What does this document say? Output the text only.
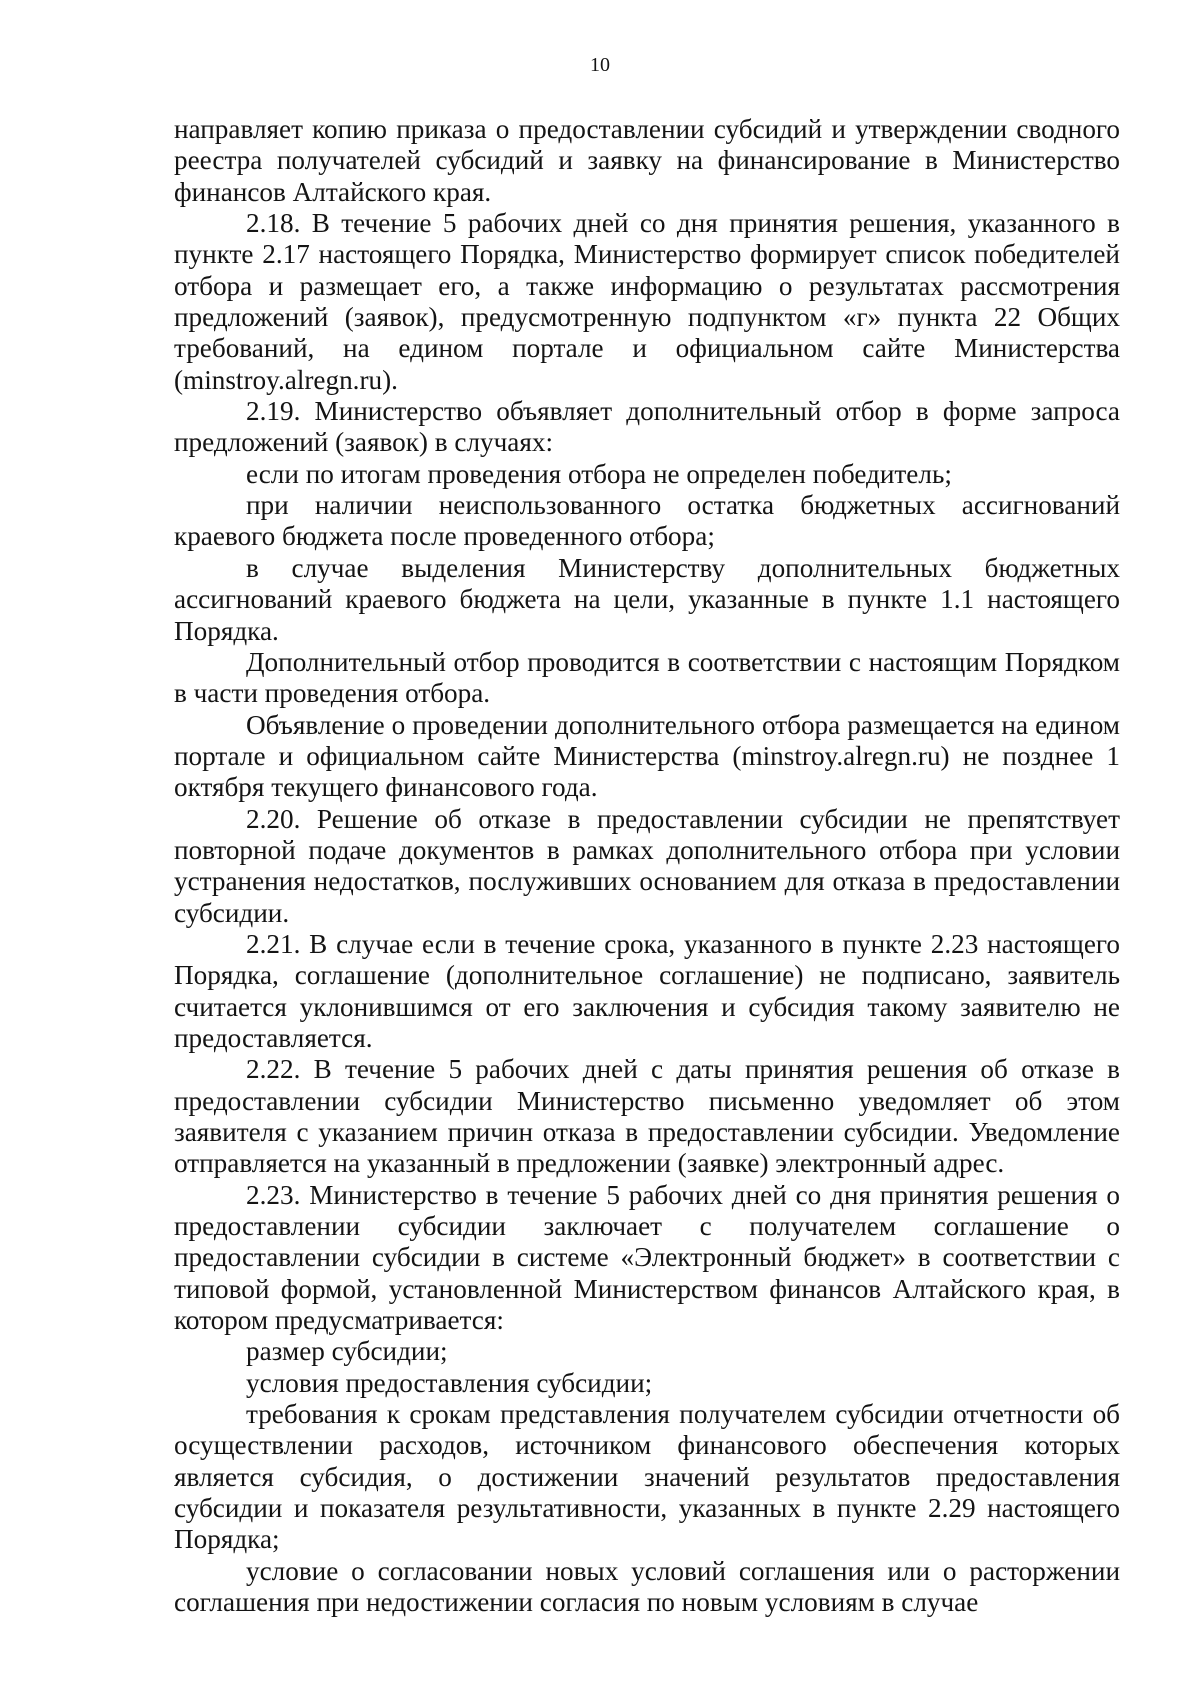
10

направляет копию приказа о предоставлении субсидий и утверждении сводного реестра получателей субсидий и заявку на финансирование в Министерство финансов Алтайского края.

2.18. В течение 5 рабочих дней со дня принятия решения, указанного в пункте 2.17 настоящего Порядка, Министерство формирует список победителей отбора и размещает его, а также информацию о результатах рассмотрения предложений (заявок), предусмотренную подпунктом «г» пункта 22 Общих требований, на едином портале и официальном сайте Министерства (minstroy.alregn.ru).

2.19. Министерство объявляет дополнительный отбор в форме запроса предложений (заявок) в случаях:

если по итогам проведения отбора не определен победитель;

при наличии неиспользованного остатка бюджетных ассигнований краевого бюджета после проведенного отбора;

в случае выделения Министерству дополнительных бюджетных ассигнований краевого бюджета на цели, указанные в пункте 1.1 настоящего Порядка.

Дополнительный отбор проводится в соответствии с настоящим Порядком в части проведения отбора.

Объявление о проведении дополнительного отбора размещается на едином портале и официальном сайте Министерства (minstroy.alregn.ru) не позднее 1 октября текущего финансового года.

2.20. Решение об отказе в предоставлении субсидии не препятствует повторной подаче документов в рамках дополнительного отбора при условии устранения недостатков, послуживших основанием для отказа в предоставлении субсидии.

2.21. В случае если в течение срока, указанного в пункте 2.23 настоящего Порядка, соглашение (дополнительное соглашение) не подписано, заявитель считается уклонившимся от его заключения и субсидия такому заявителю не предоставляется.

2.22. В течение 5 рабочих дней с даты принятия решения об отказе в предоставлении субсидии Министерство письменно уведомляет об этом заявителя с указанием причин отказа в предоставлении субсидии. Уведомление отправляется на указанный в предложении (заявке) электронный адрес.

2.23. Министерство в течение 5 рабочих дней со дня принятия решения о предоставлении субсидии заключает с получателем соглашение о предоставлении субсидии в системе «Электронный бюджет» в соответствии с типовой формой, установленной Министерством финансов Алтайского края, в котором предусматривается:

размер субсидии;

условия предоставления субсидии;

требования к срокам представления получателем субсидии отчетности об осуществлении расходов, источником финансового обеспечения которых является субсидия, о достижении значений результатов предоставления субсидии и показателя результативности, указанных в пункте 2.29 настоящего Порядка;

условие о согласовании новых условий соглашения или о расторжении соглашения при недостижении согласия по новым условиям в случае
